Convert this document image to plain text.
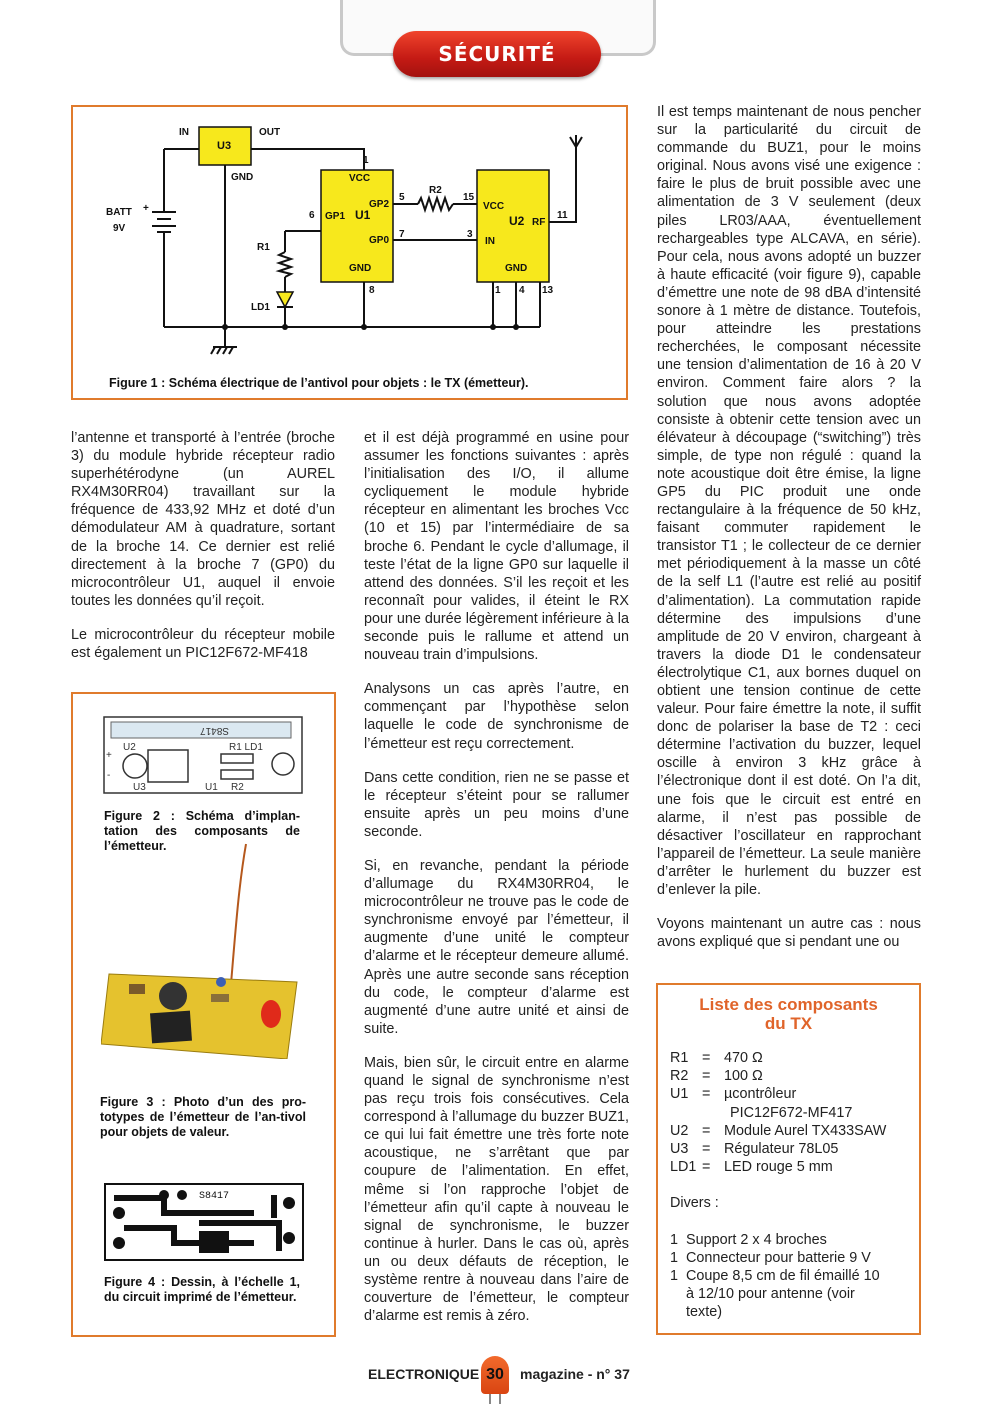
SÉCURITÉ
IN	OUT
U3
GND
BATT
9V
+
VCC
GP2
GP1 U1
GP0
GND
R1
LD1
R2
VCC
U2 RF
IN
GND
1
5
6
7
8
15
3
11
1 4 13
Figure 1 : Schéma électrique de l’antivol pour objets : le TX (émetteur).

l’antenne et transporté à l’entrée (broche 3) du module hybride récepteur radio superhétérodyne (un AUREL RX4M30RR04) travaillant sur la fréquence de 433,92 MHz et doté d’un démodulateur AM à quadrature, sortant de la broche 14. Ce dernier est relié directement à la broche 7 (GP0) du microcontrôleur U1, auquel il envoie toutes les données qu’il reçoit.

Le microcontrôleur du récepteur mobile est également un PIC12F672-MF418

S8417
+
-
U2
U3	U1
R1 LD1
R2
Figure 2 : Schéma d’implan-tation des composants de l’émetteur.
Figure 3 : Photo d’un des pro-totypes de l’émetteur de l’an-tivol pour objets de valeur.
S8417
Figure 4 : Dessin, à l’échelle 1, du circuit imprimé de l’émetteur.

et il est déjà programmé en usine pour assumer les fonctions suivantes : après l’initialisation des I/O, il allume cycliquement le module hybride récepteur en alimentant les broches Vcc (10 et 15) par l’intermédiaire de sa broche 6. Pendant le cycle d’allumage, il teste l’état de la ligne GP0 sur laquelle il attend des données. S’il les reçoit et les reconnaît pour valides, il éteint le RX pour une durée légèrement inférieure à la seconde puis le rallume et attend un nouveau train d’impulsions.

Analysons un cas après l’autre, en commençant par l’hypothèse selon laquelle le code de synchronisme de l’émetteur est reçu correctement.

Dans cette condition, rien ne se passe et le récepteur s’éteint pour se rallumer ensuite après un peu moins d’une seconde.

Si, en revanche, pendant la période d’allumage du RX4M30RR04, le microcontrôleur ne trouve pas le code de synchronisme envoyé par l’émetteur, il augmente d’une unité le compteur d’alarme et le récepteur demeure allumé. Après une autre seconde sans réception du code, le compteur d’alarme est augmenté d’une autre unité et ainsi de suite.

Mais, bien sûr, le circuit entre en alarme quand le signal de synchronisme n’est pas reçu trois fois consécutives. Cela correspond à l’allumage du buzzer BUZ1, ce qui lui fait émettre une très forte note acoustique, ne s’arrêtant que par coupure de l’alimentation. En effet, même si l’on rapproche l’objet de l’émetteur afin qu’il capte à nouveau le signal de synchronisme, le buzzer continue à hurler. Dans le cas où, après un ou deux défauts de réception, le système rentre à nouveau dans l’aire de couverture de l’émetteur, le compteur d’alarme est remis à zéro.

Il est temps maintenant de nous pencher sur la particularité du circuit de commande du BUZ1, pour le moins original. Nous avons visé une exigence : faire le plus de bruit possible avec une alimentation de 3 V seulement (deux piles LR03/AAA, éventuellement rechargeables type ALCAVA, en série). Pour cela, nous avons adopté un buzzer à haute efficacité (voir figure 9), capable d’émettre une note de 98 dBA d’intensité sonore à 1 mètre de distance. Toutefois, pour atteindre les prestations recherchées, le composant nécessite une tension d’alimentation de 16 à 20 V environ. Comment faire alors ? la solution que nous avons adoptée consiste à obtenir cette tension avec un élévateur à découpage (“switching”) très simple, de type non régulé : quand la note acoustique doit être émise, la ligne GP5 du PIC produit une onde rectangulaire à la fréquence de 50 kHz, faisant commuter rapidement le transistor T1 ; le collecteur de ce dernier met périodiquement à la masse un côté de la self L1 (l’autre est relié au positif d’alimentation). La commutation rapide détermine des impulsions d’une amplitude de 20 V environ, chargeant à travers la diode D1 le condensateur électrolytique C1, aux bornes duquel on obtient une tension continue de cette valeur. Pour faire émettre la note, il suffit donc de polariser la base de T2 : ceci détermine l’activation du buzzer, lequel oscille à environ 3 kHz grâce à l’électronique dont il est doté. On l’a dit, une fois que le circuit est entré en alarme, il n’est pas possible de désactiver l’oscillateur en rapprochant l’appareil de l’émetteur. La seule manière d’arrêter le hurlement du buzzer est d’enlever la pile.

Voyons maintenant un autre cas : nous avons expliqué que si pendant une ou

Liste des composants du TX
R1 = 470 Ω
R2 = 100 Ω
U1 = µcontrôleur
PIC12F672-MF417
U2 = Module Aurel TX433SAW
U3 = Régulateur 78L05
LD1 = LED rouge 5 mm
Divers :
1 Support 2 x 4 broches
1 Connecteur pour batterie 9 V
1 Coupe 8,5 cm de fil émaillé 10 à 12/10 pour antenne (voir texte)
ELECTRONIQUE 30	magazine - n° 37
